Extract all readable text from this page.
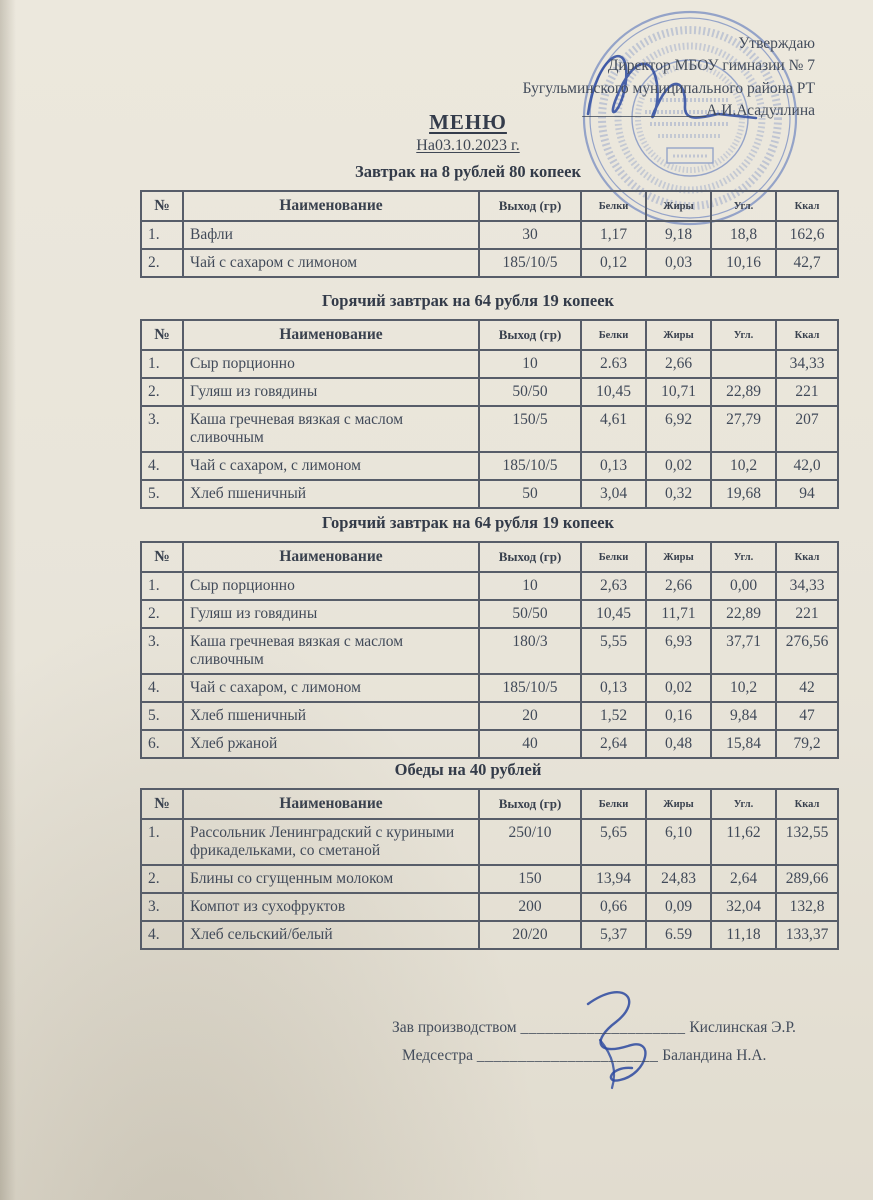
Утверждаю
Директор МБОУ гимназии № 7
Бугульминского муниципального района РТ
________________А.И.Асадуллина
МЕНЮ
На03.10.2023 г.
Завтрак на 8 рублей 80 копеек
№	Наименование	Выход (гр)	Белки	Жиры	Угл.	Ккал
1.	Вафли	30	1,17	9,18	18,8	162,6
2.	Чай с сахаром с лимоном	185/10/5	0,12	0,03	10,16	42,7
Горячий завтрак на 64 рубля 19 копеек
№	Наименование	Выход (гр)	Белки	Жиры	Угл.	Ккал
1.	Сыр порционно	10	2.63	2,66		34,33
2.	Гуляш из говядины	50/50	10,45	10,71	22,89	221
3.	Каша гречневая вязкая с маслом сливочным	150/5	4,61	6,92	27,79	207
4.	Чай с сахаром, с лимоном	185/10/5	0,13	0,02	10,2	42,0
5.	Хлеб пшеничный	50	3,04	0,32	19,68	94
Горячий завтрак на 64 рубля 19 копеек
№	Наименование	Выход (гр)	Белки	Жиры	Угл.	Ккал
1.	Сыр порционно	10	2,63	2,66	0,00	34,33
2.	Гуляш из говядины	50/50	10,45	11,71	22,89	221
3.	Каша гречневая вязкая с маслом сливочным	180/3	5,55	6,93	37,71	276,56
4.	Чай с сахаром, с лимоном	185/10/5	0,13	0,02	10,2	42
5.	Хлеб пшеничный	20	1,52	0,16	9,84	47
6.	Хлеб ржаной	40	2,64	0,48	15,84	79,2
Обеды на 40 рублей
№	Наименование	Выход (гр)	Белки	Жиры	Угл.	Ккал
1.	Рассольник Ленинградский с куриными фрикадельками, со сметаной	250/10	5,65	6,10	11,62	132,55
2.	Блины со сгущенным молоком	150	13,94	24,83	2,64	289,66
3.	Компот из сухофруктов	200	0,66	0,09	32,04	132,8
4.	Хлеб сельский/белый	20/20	5,37	6.59	11,18	133,37
Зав производством ____________________ Кислинская Э.Р.
Медсестра ______________________ Баландина Н.А.
